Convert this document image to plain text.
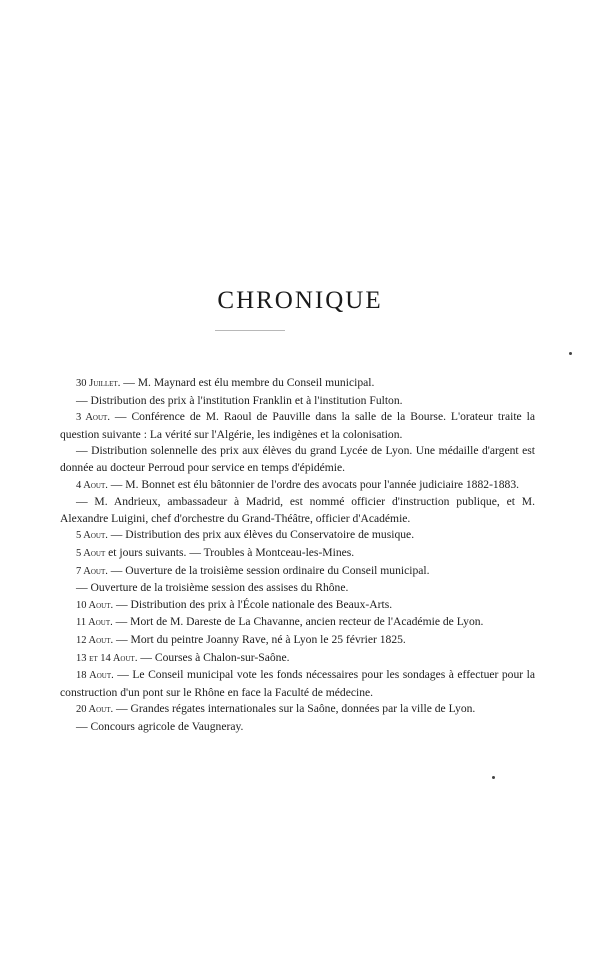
CHRONIQUE

30 Juillet. — M. Maynard est élu membre du Conseil municipal.

— Distribution des prix à l'institution Franklin et à l'institution Fulton.

3 Aout. — Conférence de M. Raoul de Pauville dans la salle de la Bourse. L'orateur traite la question suivante : La vérité sur l'Algérie, les indigènes et la colonisation.

— Distribution solennelle des prix aux élèves du grand Lycée de Lyon. Une médaille d'argent est donnée au docteur Perroud pour service en temps d'épidémie.

4 Aout. — M. Bonnet est élu bâtonnier de l'ordre des avocats pour l'année judiciaire 1882-1883.

— M. Andrieux, ambassadeur à Madrid, est nommé officier d'instruction publique, et M. Alexandre Luigini, chef d'orchestre du Grand-Théâtre, officier d'Académie.

5 Aout. — Distribution des prix aux élèves du Conservatoire de musique.

5 Aout et jours suivants. — Troubles à Montceau-les-Mines.

7 Aout. — Ouverture de la troisième session ordinaire du Conseil municipal.

— Ouverture de la troisième session des assises du Rhône.

10 Aout. — Distribution des prix à l'École nationale des Beaux-Arts.

11 Aout. — Mort de M. Dareste de La Chavanne, ancien recteur de l'Académie de Lyon.

12 Aout. — Mort du peintre Joanny Rave, né à Lyon le 25 février 1825.

13 et 14 Aout. — Courses à Chalon-sur-Saône.

18 Aout. — Le Conseil municipal vote les fonds nécessaires pour les sondages à effectuer pour la construction d'un pont sur le Rhône en face la Faculté de médecine.

20 Aout. — Grandes régates internationales sur la Saône, données par la ville de Lyon.

— Concours agricole de Vaugneray.
